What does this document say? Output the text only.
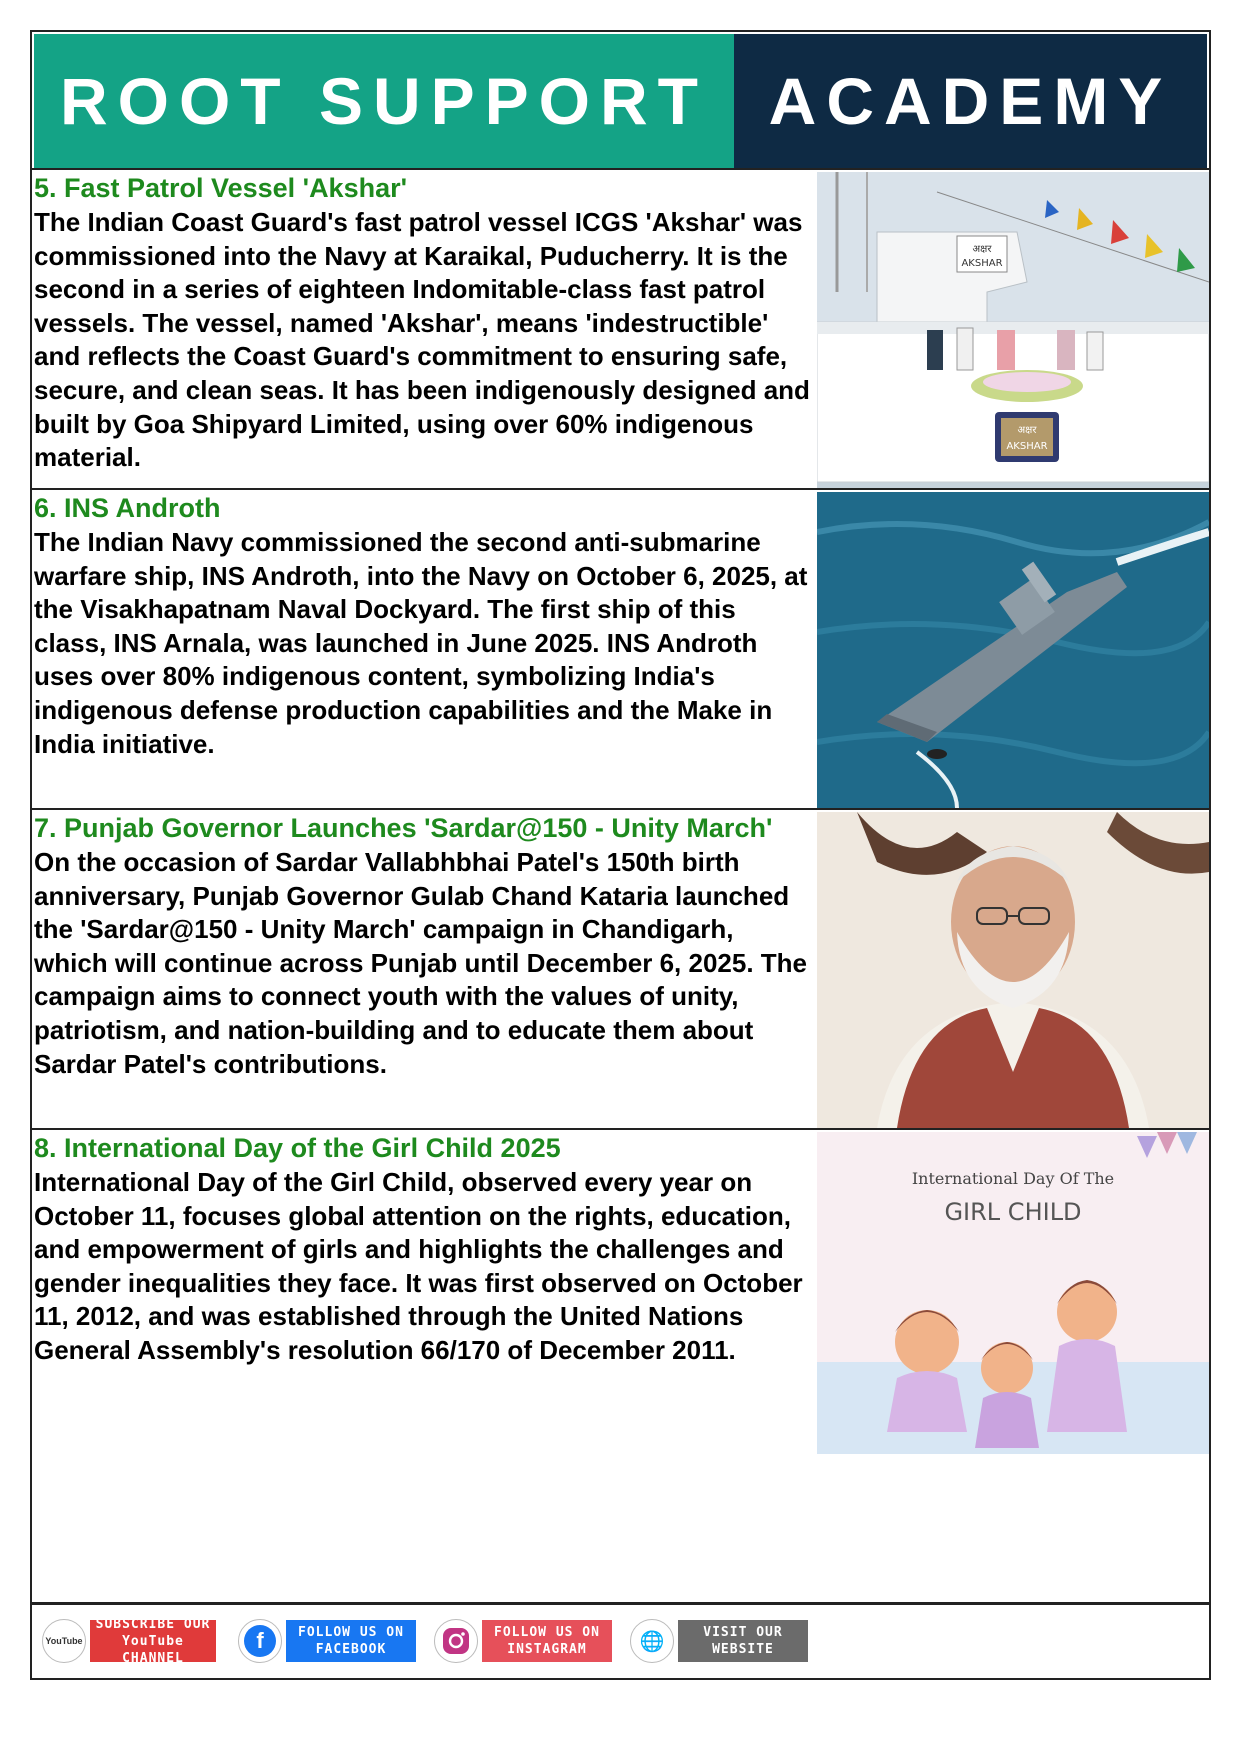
ROOT SUPPORT ACADEMY
5. Fast Patrol Vessel 'Akshar'

The Indian Coast Guard's fast patrol vessel ICGS 'Akshar' was commissioned into the Navy at Karaikal, Puducherry. It is the second in a series of eighteen Indomitable-class fast patrol vessels. The vessel, named 'Akshar', means 'indestructible' and reflects the Coast Guard's commitment to ensuring safe, secure, and clean seas. It has been indigenously designed and built by Goa Shipyard Limited, using over 60% indigenous material.

अक्षर
AKSHAR
अक्षर
AKSHAR
6. INS Androth

The Indian Navy commissioned the second anti-submarine warfare ship, INS Androth, into the Navy on October 6, 2025, at the Visakhapatnam Naval Dockyard. The first ship of this class, INS Arnala, was launched in June 2025. INS Androth uses over 80% indigenous content, symbolizing India's indigenous defense production capabilities and the Make in India initiative.

7. Punjab Governor Launches 'Sardar@150 - Unity March'

On the occasion of Sardar Vallabhbhai Patel's 150th birth anniversary, Punjab Governor Gulab Chand Kataria launched the 'Sardar@150 - Unity March' campaign in Chandigarh, which will continue across Punjab until December 6, 2025. The campaign aims to connect youth with the values of unity, patriotism, and nation-building and to educate them about Sardar Patel's contributions.

8. International Day of the Girl Child 2025

International Day of the Girl Child, observed every year on October 11, focuses global attention on the rights, education, and empowerment of girls and highlights the challenges and gender inequalities they face. It was first observed on October 11, 2012, and was established through the United Nations General Assembly's resolution 66/170 of December 2011.

International Day Of The
GIRL CHILD
YouTube
SUBSCRIBE OUR
YouTube CHANNEL
f	FOLLOW US ON
FACEBOOK
FOLLOW US ON
INSTAGRAM	🌐	VISIT OUR
WEBSITE
